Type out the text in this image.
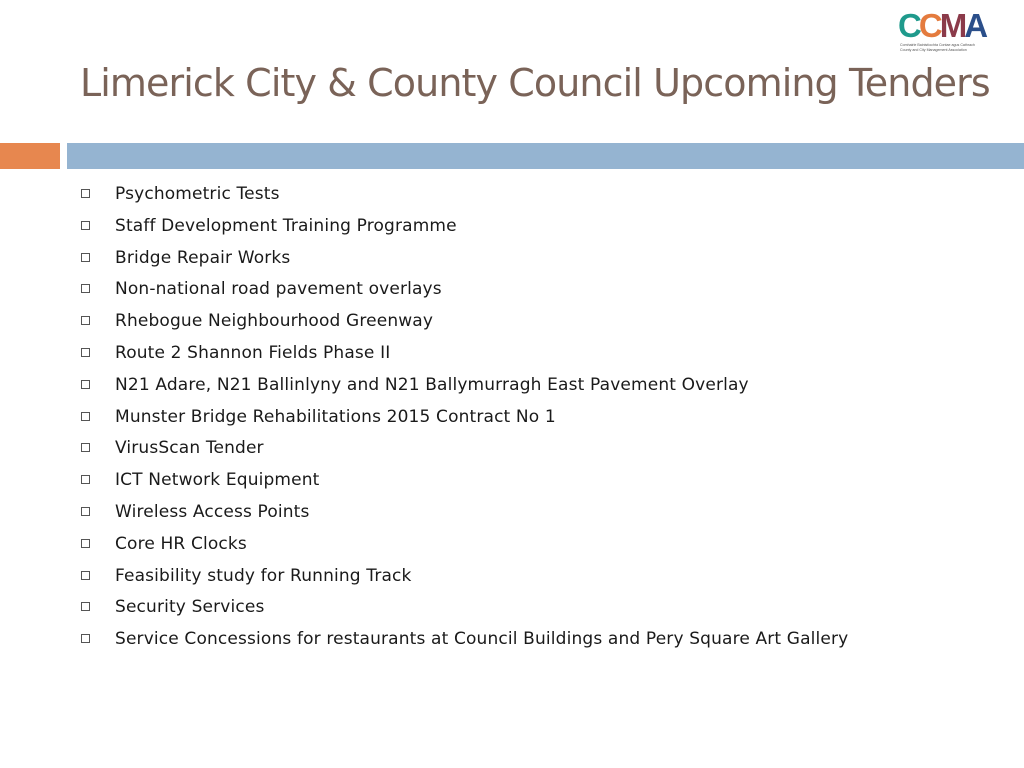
CCMA
Comhairle Bainistíochta Contae agus Cathrach
County and City Management Association
Limerick City & County Council Upcoming Tenders
Psychometric Tests
Staff Development Training Programme
Bridge Repair Works
Non-national road pavement overlays
Rhebogue Neighbourhood Greenway
Route 2 Shannon Fields Phase II
N21 Adare, N21 Ballinlyny and N21 Ballymurragh East Pavement Overlay
Munster Bridge Rehabilitations 2015 Contract No 1
VirusScan Tender
ICT Network Equipment
Wireless Access Points
Core HR Clocks
Feasibility study for Running Track
Security Services
Service Concessions for restaurants at Council Buildings and Pery Square Art Gallery
